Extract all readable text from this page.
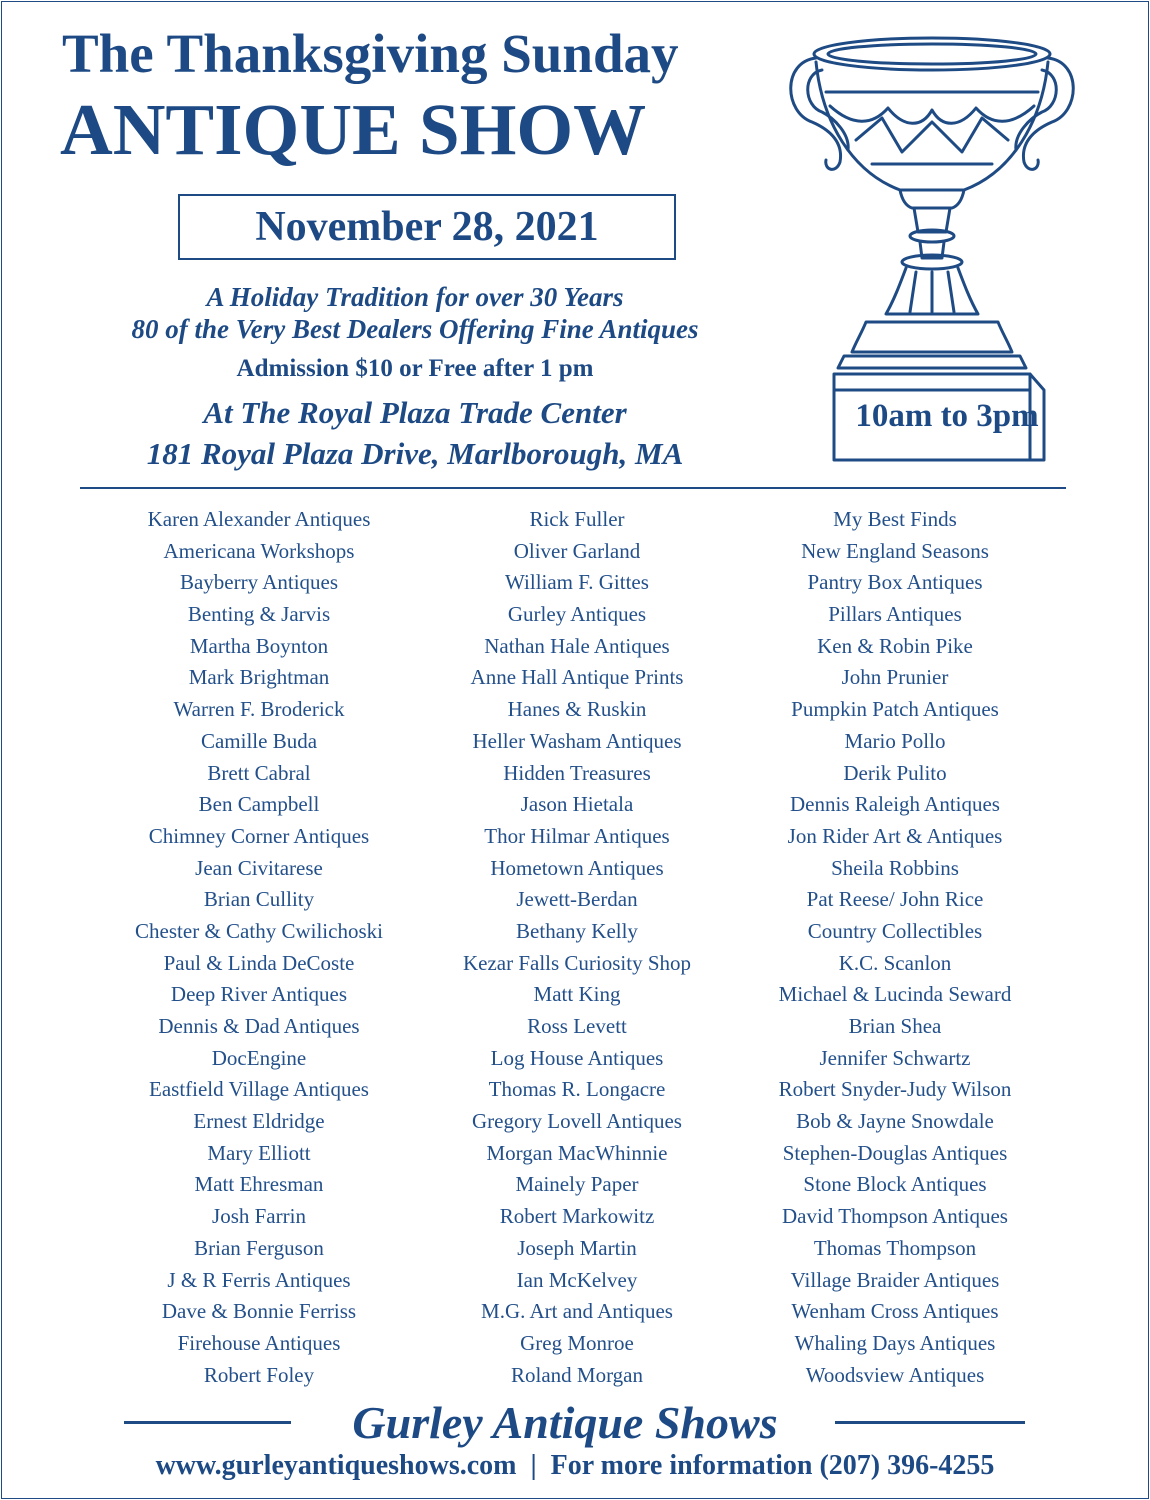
The Thanksgiving Sunday
ANTIQUE SHOW
November 28, 2021
A Holiday Tradition for over 30 Years
80 of the Very Best Dealers Offering Fine Antiques
Admission $10 or Free after 1 pm
At The Royal Plaza Trade Center
181 Royal Plaza Drive, Marlborough, MA
10am to 3pm
Karen Alexander Antiques
Americana Workshops
Bayberry Antiques
Benting & Jarvis
Martha Boynton
Mark Brightman
Warren F. Broderick
Camille Buda
Brett Cabral
Ben Campbell
Chimney Corner Antiques
Jean Civitarese
Brian Cullity
Chester & Cathy Cwilichoski
Paul & Linda DeCoste
Deep River Antiques
Dennis & Dad Antiques
DocEngine
Eastfield Village Antiques
Ernest Eldridge
Mary Elliott
Matt Ehresman
Josh Farrin
Brian Ferguson
J & R Ferris Antiques
Dave & Bonnie Ferriss
Firehouse Antiques
Robert Foley
Rick Fuller
Oliver Garland
William F. Gittes
Gurley Antiques
Nathan Hale Antiques
Anne Hall Antique Prints
Hanes & Ruskin
Heller Washam Antiques
Hidden Treasures
Jason Hietala
Thor Hilmar Antiques
Hometown Antiques
Jewett-Berdan
Bethany Kelly
Kezar Falls Curiosity Shop
Matt King
Ross Levett
Log House Antiques
Thomas R. Longacre
Gregory Lovell Antiques
Morgan MacWhinnie
Mainely Paper
Robert Markowitz
Joseph Martin
Ian McKelvey
M.G. Art and Antiques
Greg Monroe
Roland Morgan
My Best Finds
New England Seasons
Pantry Box Antiques
Pillars Antiques
Ken & Robin Pike
John Prunier
Pumpkin Patch Antiques
Mario Pollo
Derik Pulito
Dennis Raleigh Antiques
Jon Rider Art & Antiques
Sheila Robbins
Pat Reese/ John Rice
Country Collectibles
K.C. Scanlon
Michael & Lucinda Seward
Brian Shea
Jennifer Schwartz
Robert Snyder-Judy Wilson
Bob & Jayne Snowdale
Stephen-Douglas Antiques
Stone Block Antiques
David Thompson Antiques
Thomas Thompson
Village Braider Antiques
Wenham Cross Antiques
Whaling Days Antiques
Woodsview Antiques
Gurley Antique Shows
www.gurleyantiqueshows.com | For more information (207) 396-4255
